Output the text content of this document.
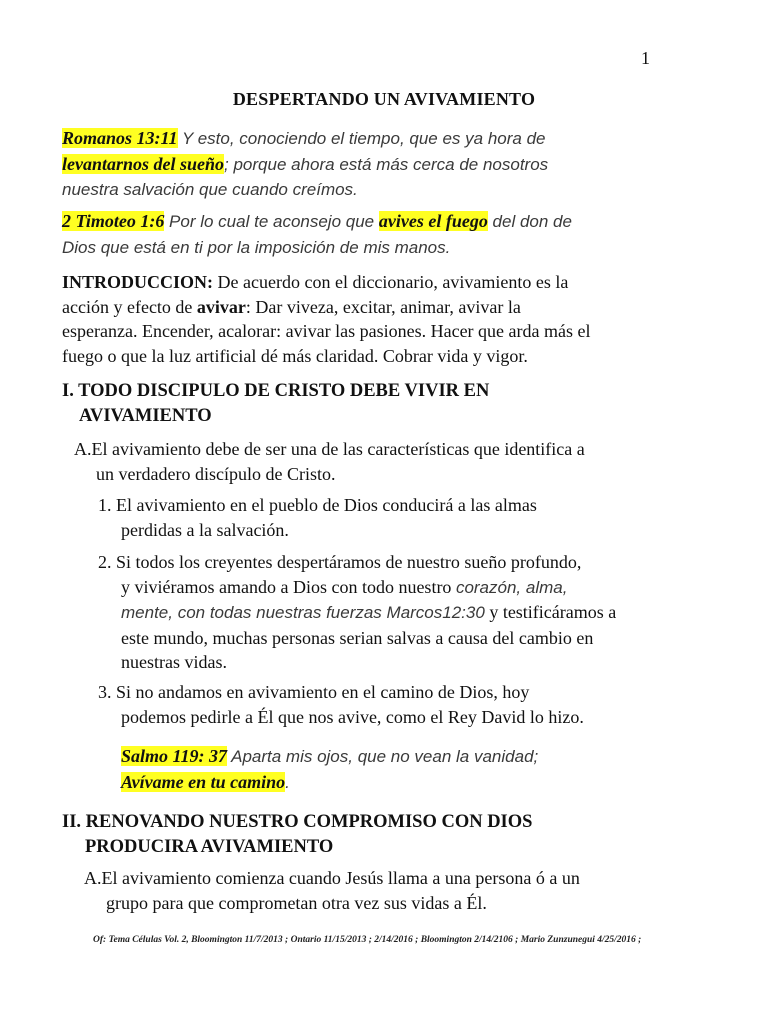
1
DESPERTANDO UN AVIVAMIENTO
Romanos 13:11 Y esto, conociendo el tiempo, que es ya hora de
levantarnos del sueño; porque ahora está más cerca de nosotros
nuestra salvación que cuando creímos.
2 Timoteo 1:6 Por lo cual te aconsejo que avives el fuego del don de
Dios que está en ti por la imposición de mis manos.
INTRODUCCION: De acuerdo con el diccionario, avivamiento es la
acción y efecto de avivar: Dar viveza, excitar, animar, avivar la
esperanza. Encender, acalorar: avivar las pasiones. Hacer que arda más el
fuego o que la luz artificial dé más claridad. Cobrar vida y vigor.
I. TODO DISCIPULO DE CRISTO DEBE VIVIR EN
AVIVAMIENTO
A.El avivamiento debe de ser una de las características que identifica a
un verdadero discípulo de Cristo.
1. El avivamiento en el pueblo de Dios conducirá a las almas
perdidas a la salvación.
2. Si todos los creyentes despertáramos de nuestro sueño profundo,
y viviéramos amando a Dios con todo nuestro corazón, alma,
mente, con todas nuestras fuerzas Marcos12:30 y testificáramos a
este mundo, muchas personas serian salvas a causa del cambio en
nuestras vidas.
3. Si no andamos en avivamiento en el camino de Dios, hoy
podemos pedirle a Él que nos avive, como el Rey David lo hizo.
Salmo 119: 37 Aparta mis ojos, que no vean la vanidad;
Avívame en tu camino.
II. RENOVANDO NUESTRO COMPROMISO CON DIOS
PRODUCIRA AVIVAMIENTO
A.El avivamiento comienza cuando Jesús llama a una persona ó a un
grupo para que comprometan otra vez sus vidas a Él.
Of: Tema Células Vol. 2, Bloomington 11/7/2013 ; Ontario 11/15/2013 ; 2/14/2016 ; Bloomington 2/14/2106 ; Mario Zunzunegui 4/25/2016 ;
